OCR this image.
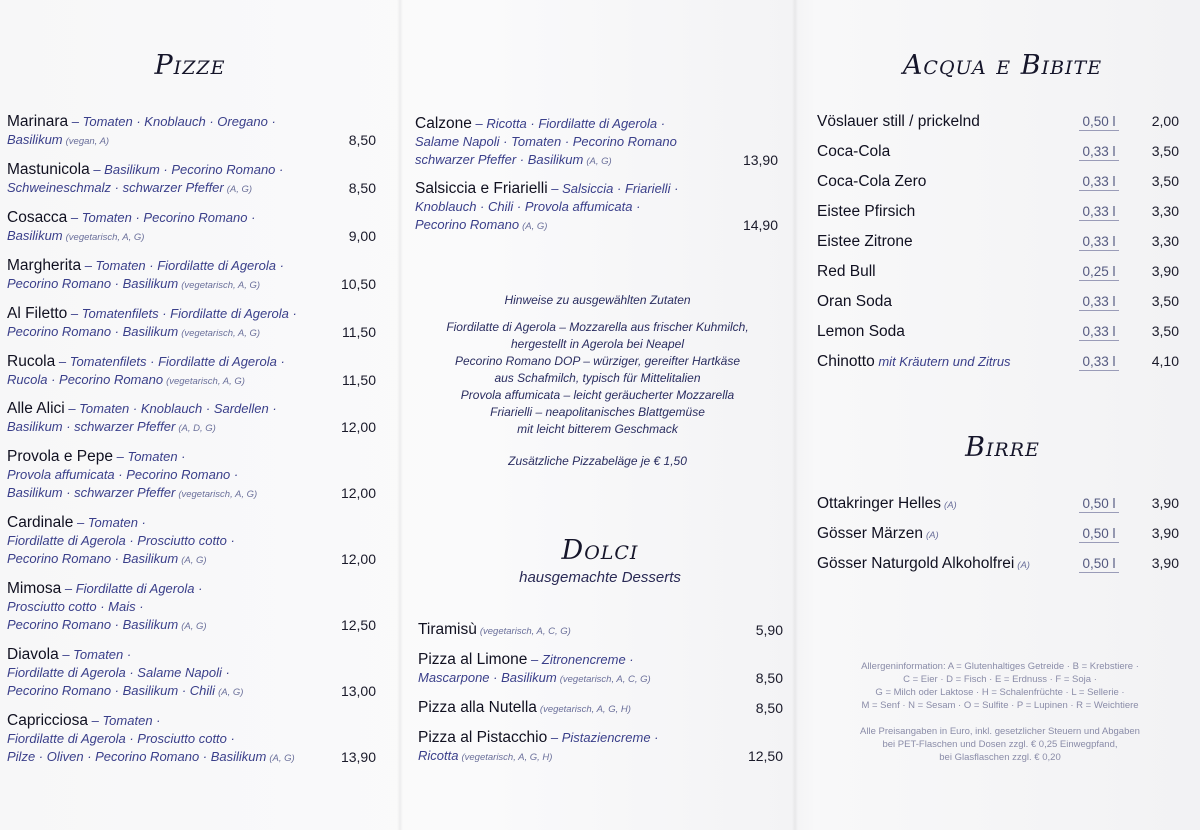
Pizze
Dolci
hausgemachte Desserts
Acqua e Bibite
Birre
Marinara – Tomaten · Knoblauch · Oregano ·
Basilikum (vegan, A)	8,50
Mastunicola – Basilikum · Pecorino Romano ·
Schweineschmalz · schwarzer Pfeffer (A, G)	8,50
Cosacca – Tomaten · Pecorino Romano ·
Basilikum (vegetarisch, A, G)	9,00
Margherita – Tomaten · Fiordilatte di Agerola ·
Pecorino Romano · Basilikum (vegetarisch, A, G)	10,50
Al Filetto – Tomatenfilets · Fiordilatte di Agerola ·
Pecorino Romano · Basilikum (vegetarisch, A, G)	11,50
Rucola – Tomatenfilets · Fiordilatte di Agerola ·
Rucola · Pecorino Romano (vegetarisch, A, G)	11,50
Alle Alici – Tomaten · Knoblauch · Sardellen ·
Basilikum · schwarzer Pfeffer (A, D, G)	12,00
Provola e Pepe – Tomaten ·
Provola affumicata · Pecorino Romano ·
Basilikum · schwarzer Pfeffer (vegetarisch, A, G)	12,00
Cardinale – Tomaten ·
Fiordilatte di Agerola · Prosciutto cotto ·
Pecorino Romano · Basilikum (A, G)	12,00
Mimosa – Fiordilatte di Agerola ·
Prosciutto cotto · Mais ·
Pecorino Romano · Basilikum (A, G)	12,50
Diavola – Tomaten ·
Fiordilatte di Agerola · Salame Napoli ·
Pecorino Romano · Basilikum · Chili (A, G)	13,00
Capricciosa – Tomaten ·
Fiordilatte di Agerola · Prosciutto cotto ·
Pilze · Oliven · Pecorino Romano · Basilikum (A, G)	13,90
Calzone – Ricotta · Fiordilatte di Agerola ·
Salame Napoli · Tomaten · Pecorino Romano
schwarzer Pfeffer · Basilikum (A, G)	13,90
Salsiccia e Friarielli – Salsiccia · Friarielli ·
Knoblauch · Chili · Provola affumicata ·
Pecorino Romano (A, G)	14,90
Tiramisù (vegetarisch, A, C, G)	5,90
Pizza al Limone – Zitronencreme ·
Mascarpone · Basilikum (vegetarisch, A, C, G)	8,50
Pizza alla Nutella (vegetarisch, A, G, H)	8,50
Pizza al Pistacchio – Pistaziencreme ·
Ricotta (vegetarisch, A, G, H)	12,50
Hinweise zu ausgewählten Zutaten
Fiordilatte di Agerola – Mozzarella aus frischer Kuhmilch,
hergestellt in Agerola bei Neapel
Pecorino Romano DOP – würziger, gereifter Hartkäse
aus Schafmilch, typisch für Mittelitalien
Provola affumicata – leicht geräucherter Mozzarella
Friarielli – neapolitanisches Blattgemüse
mit leicht bitterem Geschmack
Zusätzliche Pizzabeläge je € 1,50
Vöslauer still / prickelnd	0,50 l	2,00
Coca-Cola	0,33 l	3,50
Coca-Cola Zero	0,33 l	3,50
Eistee Pfirsich	0,33 l	3,30
Eistee Zitrone	0,33 l	3,30
Red Bull	0,25 l	3,90
Oran Soda	0,33 l	3,50
Lemon Soda	0,33 l	3,50
Chinotto mit Kräutern und Zitrus	0,33 l	4,10
Ottakringer Helles (A)	0,50 l	3,90
Gösser Märzen (A)	0,50 l	3,90
Gösser Naturgold Alkoholfrei (A)	0,50 l	3,90
Allergeninformation: A = Glutenhaltiges Getreide · B = Krebstiere ·
C = Eier · D = Fisch · E = Erdnuss · F = Soja ·
G = Milch oder Laktose · H = Schalenfrüchte · L = Sellerie ·
M = Senf · N = Sesam · O = Sulfite · P = Lupinen · R = Weichtiere
Alle Preisangaben in Euro, inkl. gesetzlicher Steuern und Abgaben
bei PET-Flaschen und Dosen zzgl. € 0,25 Einwegpfand,
bei Glasflaschen zzgl. € 0,20
